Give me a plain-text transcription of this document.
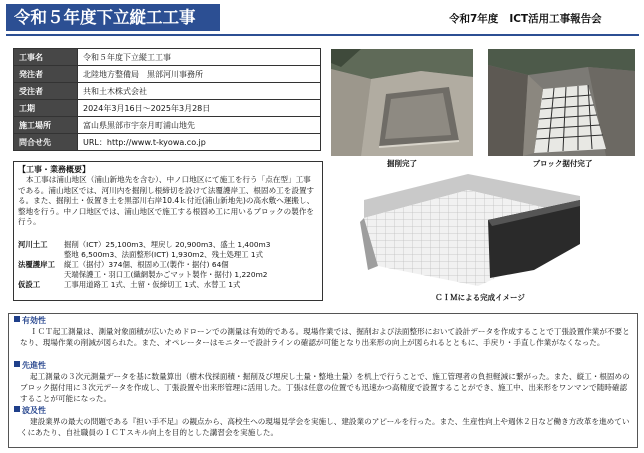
令和５年度下立縦工工事	令和7年度 ICT活用工事報告会
工事名	令和５年度下立縦工工事
発注者	北陸地方整備局　黒部河川事務所
受注者	共和土木株式会社
工期	2024年3月16日～2025年3月28日
施工場所	富山県黒部市宇奈月町浦山地先
問合せ先	URL：http://www.t-kyowa.co.jp
掘削完了	ブロック据付完了
ＣＩＭによる完成イメージ
【工事・業務概要】
本工事は浦山地区（浦山新地先を含む）、中ノ口地区にて施工を行う「点在型」工事である。浦山地区では、河川内を掘削し根締切を設けて法覆護岸工、根固め工を設置する。また、掘削土・仮置き土を黒部川右岸10.4ｋ付近(浦山新地先)の高水敷へ運搬し、整地を行う。中ノ口地区では、浦山地区で施工する根固め工に用いるブロックの製作を行う。
河川土工 掘削（ICT）25,100m3、埋戻し 20,900m3、盛土 1,400m3
整地 6,500m3、法面整形(ICT) 1,930m2、残土処理工 1式
法覆護岸工 縦工（据付）374個、根固め工(製作・据付) 64個
天端保護工・羽口工(織網製かごマット製作・据付) 1,220m2
仮設工	工事用道路工 1式、土留・仮締切工 1式、水替工 1式
有効性
ＩＣＴ起工測量は、測量対象面積が広いためドローンでの測量は有効的である。現場作業では、掘削および法面整形において設計データを作成することで丁張設置作業が不要となり、現場作業の削減が図られた。また、オペレーターはモニターで設計ラインの確認が可能となり出来形の向上が図られるとともに、手戻り・手直し作業がなくなった。
先進性
起工測量の３次元測量データを基に数量算出（樹木伐採面積・掘削及び埋戻し土量・整地土量）を机上で行うことで、施工管理者の負担軽減に繋がった。また、縦工・根固めのブロック据付用に３次元データを作成し、丁張設置や出来形管理に活用した。丁張は任意の位置でも迅速かつ高精度で設置することができ、施工中、出来形をワンマンで随時確認することが可能になった。
波及性
建設業界の最大の問題である『担い手不足』の観点から、高校生への現場見学会を実施し、建設業のアピールを行った。また、生産性向上や週休２日など働き方改革を進めていくにあたり、自社職員のＩＣＴスキル向上を目的とした講習会を実施した。
